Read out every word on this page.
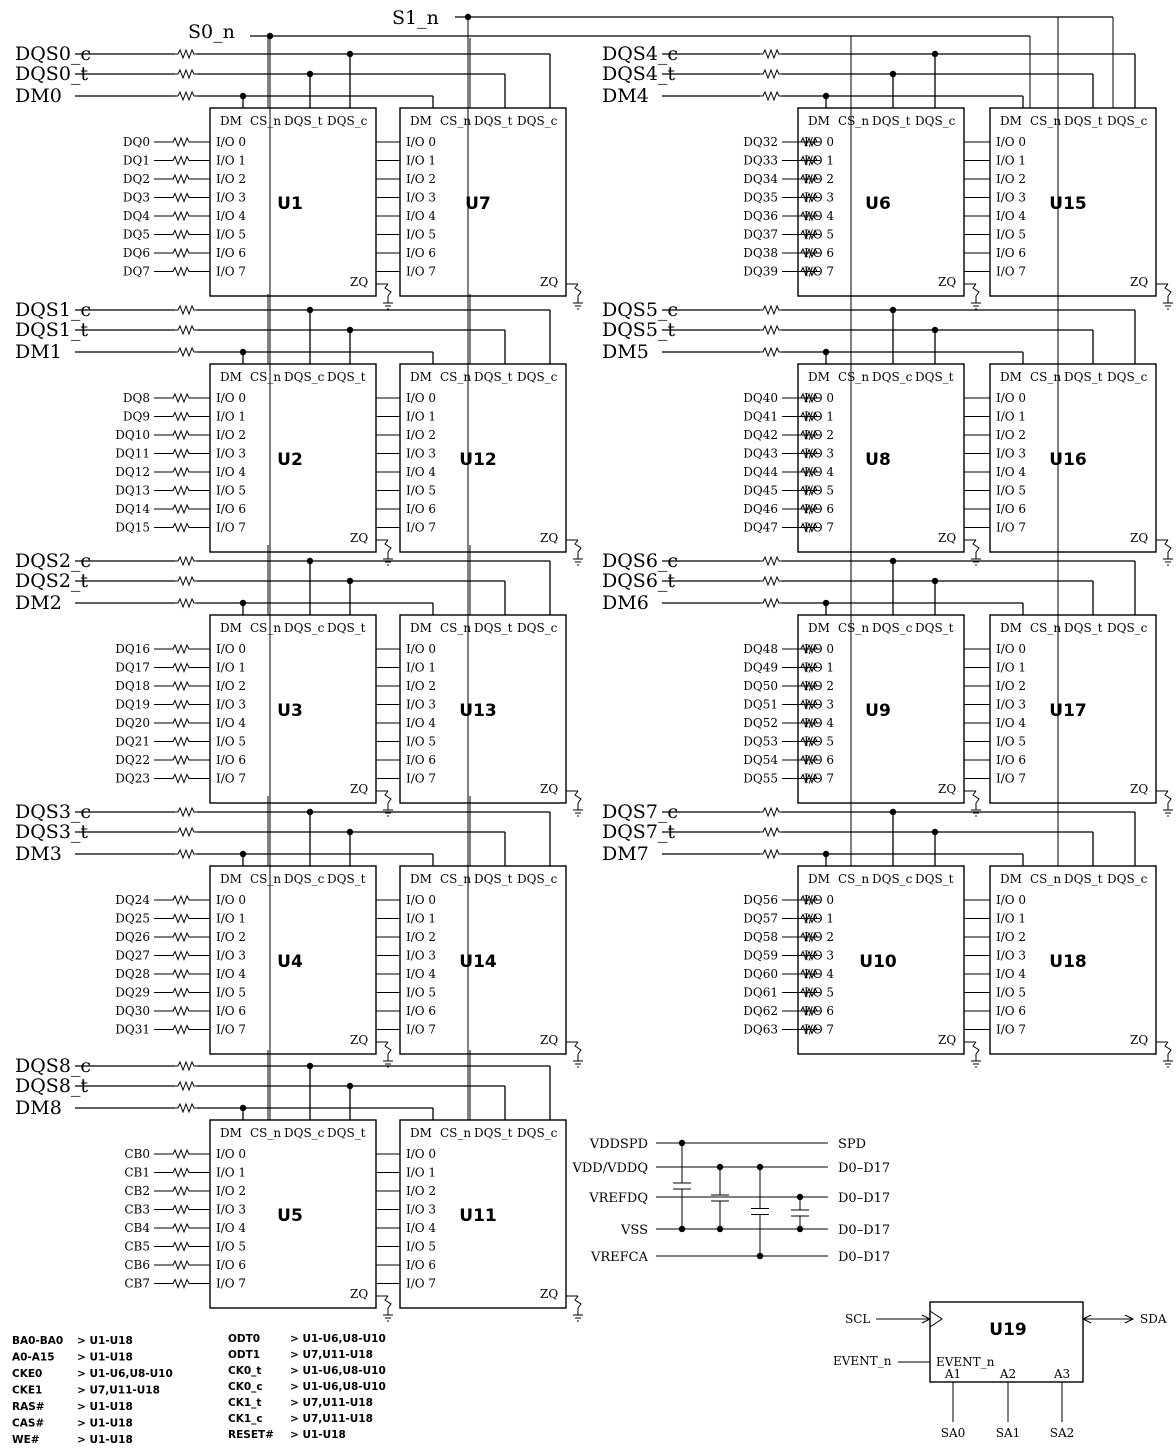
S0_n
S1_n
DQS0_c
DQS0_t
DM0
DM CS_n DQS_t DQS_c
I/O 0
I/O 1
I/O 2
I/O 3
I/O 4
I/O 5
I/O 6
I/O 7
ZQ
U1
DM CS_n DQS_t DQS_c
I/O 0
I/O 1
I/O 2
I/O 3
I/O 4
I/O 5
I/O 6
I/O 7
ZQ
U7
DQ0
DQ1
DQ2
DQ3
DQ4
DQ5
DQ6
DQ7
DQS1_c
DQS1_t
DM1
DM CS_n DQS_c DQS_t
I/O 0
I/O 1
I/O 2
I/O 3
I/O 4
I/O 5
I/O 6
I/O 7
ZQ
U2
DM CS_n DQS_t DQS_c
I/O 0
I/O 1
I/O 2
I/O 3
I/O 4
I/O 5
I/O 6
I/O 7
ZQ
U12
DQ8
DQ9
DQ10
DQ11
DQ12
DQ13
DQ14
DQ15
DQS2_c
DQS2_t
DM2
DM CS_n DQS_c DQS_t
I/O 0
I/O 1
I/O 2
I/O 3
I/O 4
I/O 5
I/O 6
I/O 7
ZQ
U3
DM CS_n DQS_t DQS_c
I/O 0
I/O 1
I/O 2
I/O 3
I/O 4
I/O 5
I/O 6
I/O 7
ZQ
U13
DQ16
DQ17
DQ18
DQ19
DQ20
DQ21
DQ22
DQ23
DQS3_c
DQS3_t
DM3
DM CS_n DQS_c DQS_t
I/O 0
I/O 1
I/O 2
I/O 3
I/O 4
I/O 5
I/O 6
I/O 7
ZQ
U4
DM CS_n DQS_t DQS_c
I/O 0
I/O 1
I/O 2
I/O 3
I/O 4
I/O 5
I/O 6
I/O 7
ZQ
U14
DQ24
DQ25
DQ26
DQ27
DQ28
DQ29
DQ30
DQ31
DQS8_c
DQS8_t
DM8
DM CS_n DQS_c DQS_t
I/O 0
I/O 1
I/O 2
I/O 3
I/O 4
I/O 5
I/O 6
I/O 7
ZQ
U5
DM CS_n DQS_t DQS_c
I/O 0
I/O 1
I/O 2
I/O 3
I/O 4
I/O 5
I/O 6
I/O 7
ZQ
U11
CB0
CB1
CB2
CB3
CB4
CB5
CB6
CB7
DQS4_c
DQS4_t
DM4
DM CS_n DQS_t DQS_c
I/O 0
I/O 1
I/O 2
I/O 3
I/O 4
I/O 5
I/O 6
I/O 7
ZQ
U6
DM CS_n DQS_t DQS_c
I/O 0
I/O 1
I/O 2
I/O 3
I/O 4
I/O 5
I/O 6
I/O 7
ZQ
U15
DQ32
DQ33
DQ34
DQ35
DQ36
DQ37
DQ38
DQ39
DQS5_c
DQS5_t
DM5
DM CS_n DQS_c DQS_t
I/O 0
I/O 1
I/O 2
I/O 3
I/O 4
I/O 5
I/O 6
I/O 7
ZQ
U8
DM CS_n DQS_t DQS_c
I/O 0
I/O 1
I/O 2
I/O 3
I/O 4
I/O 5
I/O 6
I/O 7
ZQ
U16
DQ40
DQ41
DQ42
DQ43
DQ44
DQ45
DQ46
DQ47
DQS6_c
DQS6_t
DM6
DM CS_n DQS_c DQS_t
I/O 0
I/O 1
I/O 2
I/O 3
I/O 4
I/O 5
I/O 6
I/O 7
ZQ
U9
DM CS_n DQS_t DQS_c
I/O 0
I/O 1
I/O 2
I/O 3
I/O 4
I/O 5
I/O 6
I/O 7
ZQ
U17
DQ48
DQ49
DQ50
DQ51
DQ52
DQ53
DQ54
DQ55
DQS7_c
DQS7_t
DM7
DM CS_n DQS_c DQS_t
I/O 0
I/O 1
I/O 2
I/O 3
I/O 4
I/O 5
I/O 6
I/O 7
ZQ
U10
DM CS_n DQS_t DQS_c
I/O 0
I/O 1
I/O 2
I/O 3
I/O 4
I/O 5
I/O 6
I/O 7
ZQ
U18
DQ56
DQ57
DQ58
DQ59
DQ60
DQ61
DQ62
DQ63
VDDSPD	SPD
VDD/VDDQ	D0–D17
VREFDQ	D0–D17
VSS	D0–D17
VREFCA	D0–D17
U19
SCL	SDA
EVENT_n	EVENT_n
A1
SA0
A2
SA1
A3
SA2
BA0-BA0 > U1-U18
A0-A15 > U1-U18
CKE0	> U1-U6,U8-U10
CKE1	> U7,U11-U18
RAS#	> U1-U18
CAS#	> U1-U18
WE#	> U1-U18
ODT0	> U1-U6,U8-U10
ODT1	> U7,U11-U18
CK0_t	> U1-U6,U8-U10
CK0_c	> U1-U6,U8-U10
CK1_t	> U7,U11-U18
CK1_c	> U7,U11-U18
RESET# > U1-U18
